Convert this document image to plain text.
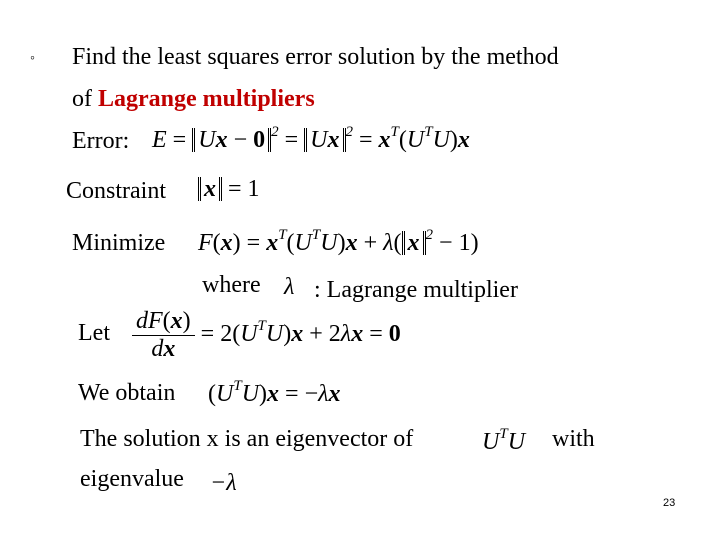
◦ Find the least squares error solution by the method
of Lagrange multipliers
Error: E = Ux − 0 $^2$ = Ux $^2 = x^T(U^TU)x$
Constraint x = 1
Minimize $F(x) = x^T(U^TU)x + \lambda$( x $^2$ − 1)
where λ : Lagrange multiplier
Let $\frac{dF(x)}{dx} = 2(U^TU)x + 2\lambda x = 0$
We obtain $(U^TU)x = -\lambda x$
The solution x is an eigenvector of	$U^TU$ with
eigenvalue −λ
23
